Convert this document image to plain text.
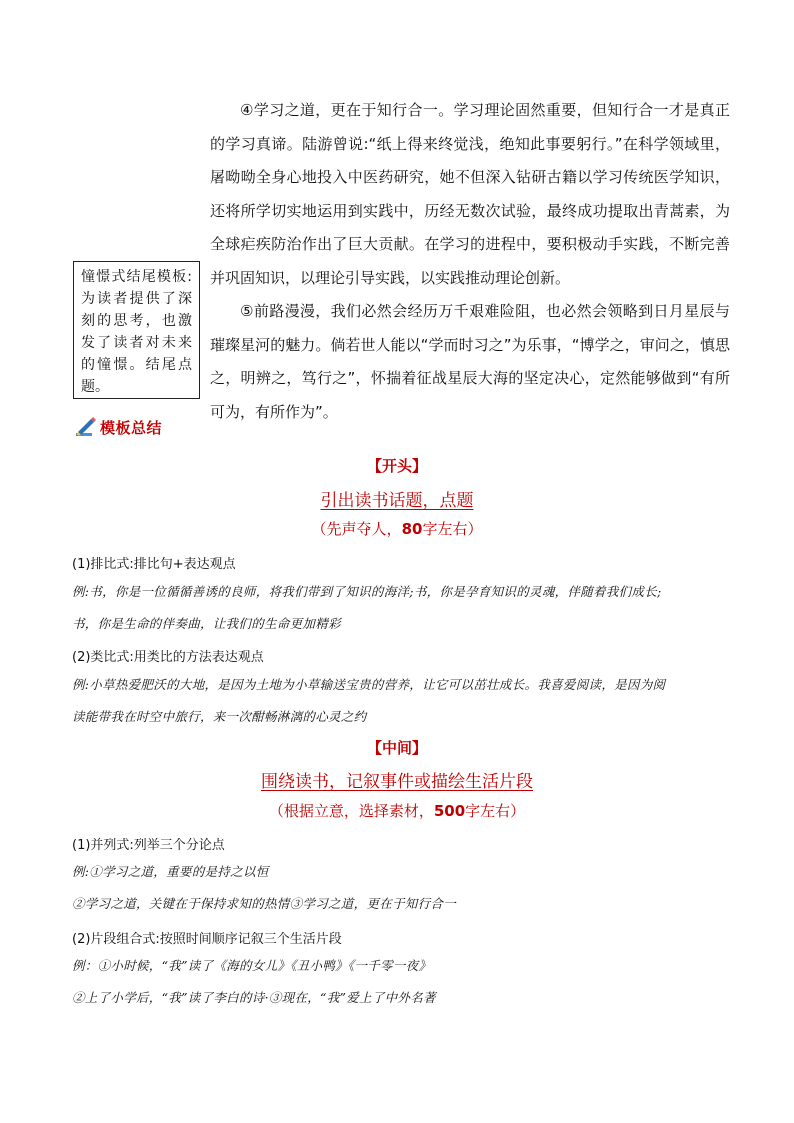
④学习之道，更在于知行合一。学习理论固然重要，但知行合一才是真正的学习真谛。陆游曾说:“纸上得来终觉浅，绝知此事要躬行。”在科学领域里，屠呦呦全身心地投入中医药研究，她不但深入钻研古籍以学习传统医学知识，还将所学切实地运用到实践中，历经无数次试验，最终成功提取出青蒿素，为全球疟疾防治作出了巨大贡献。在学习的进程中，要积极动手实践，不断完善并巩固知识，以理论引导实践，以实践推动理论创新。

⑤前路漫漫，我们必然会经历万千艰难险阻，也必然会领略到日月星辰与璀璨星河的魅力。倘若世人能以“学而时习之”为乐事，“博学之，审问之，慎思之，明辨之，笃行之”，怀揣着征战星辰大海的坚定决心，定然能够做到“有所可为，有所作为”。

憧憬式结尾模板:为读者提供了深刻的思考，也激发了读者对未来的憧憬。结尾点题。
模板总结
【开头】
引出读书话题，点题
（先声夺人，80字左右）
(1)排比式:排比句+表达观点
例:书，你是一位循循善诱的良师，将我们带到了知识的海洋;书，你是孕育知识的灵魂，伴随着我们成长;
书，你是生命的伴奏曲，让我们的生命更加精彩
(2)类比式:用类比的方法表达观点
例:小草热爱肥沃的大地，是因为土地为小草输送宝贵的营养，让它可以茁壮成长。我喜爱阅读，是因为阅
读能带我在时空中旅行，来一次酣畅淋漓的心灵之约
【中间】
围绕读书，记叙事件或描绘生活片段
（根据立意，选择素材，500字左右）
(1)并列式:列举三个分论点
例:①学习之道，重要的是持之以恒
②学习之道，关键在于保持求知的热情③学习之道，更在于知行合一
(2)片段组合式:按照时间顺序记叙三个生活片段
例：①小时候，“我”读了《海的女儿》《丑小鸭》《一千零一夜》
②上了小学后，“我”读了李白的诗·③现在，“我”爱上了中外名著
